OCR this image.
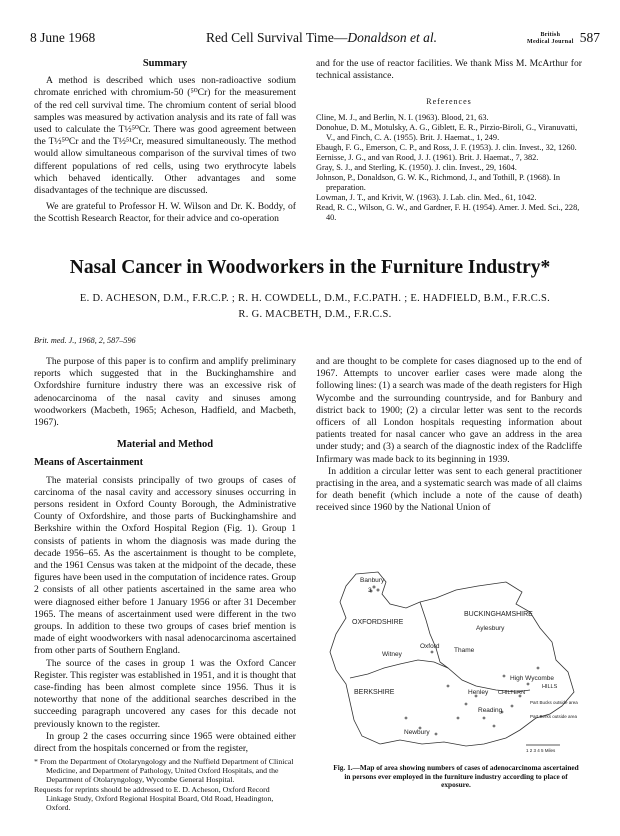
8 June 1968	Red Cell Survival Time—Donaldson et al.	British
Medical Journal 587
Summary

A method is described which uses non-radioactive sodium chromate enriched with chromium-50 (⁵⁰Cr) for the measurement of the red cell survival time. The chromium content of serial blood samples was measured by activation analysis and its rate of fall was used to calculate the T½⁵⁰Cr. There was good agreement between the T½⁵⁰Cr and the T½⁵¹Cr, measured simultaneously. The method would allow simultaneous comparison of the survival times of two different populations of red cells, using two erythrocyte labels which behaved identically. Other advantages and some disadvantages of the technique are discussed.

We are grateful to Professor H. W. Wilson and Dr. K. Boddy, of the Scottish Research Reactor, for their advice and co-operation

and for the use of reactor facilities. We thank Miss M. McArthur for technical assistance.

References
Cline, M. J., and Berlin, N. I. (1963). Blood, 21, 63.
Donohue, D. M., Motulsky, A. G., Giblett, E. R., Pirzio-Biroli, G., Viranuvatti, V., and Finch, C. A. (1955). Brit. J. Haemat., 1, 249.
Ebaugh, F. G., Emerson, C. P., and Ross, J. F. (1953). J. clin. Invest., 32, 1260.
Eernisse, J. G., and van Rood, J. J. (1961). Brit. J. Haemat., 7, 382.
Gray, S. J., and Sterling, K. (1950). J. clin. Invest., 29, 1604.
Johnson, P., Donaldson, G. W. K., Richmond, J., and Tothill, P. (1968). In preparation.
Lowman, J. T., and Krivit, W. (1963). J. Lab. clin. Med., 61, 1042.
Read, R. C., Wilson, G. W., and Gardner, F. H. (1954). Amer. J. Med. Sci., 228, 40.
Nasal Cancer in Woodworkers in the Furniture Industry*
E. D. ACHESON, D.M., F.R.C.P. ; R. H. COWDELL, D.M., F.C.PATH. ; E. HADFIELD, B.M., F.R.C.S.
R. G. MACBETH, D.M., F.R.C.S.
Brit. med. J., 1968, 2, 587–596

The purpose of this paper is to confirm and amplify preliminary reports which suggested that in the Buckinghamshire and Oxfordshire furniture industry there was an excessive risk of adenocarcinoma of the nasal cavity and sinuses among woodworkers (Macbeth, 1965; Acheson, Hadfield, and Macbeth, 1967).

Material and Method
Means of Ascertainment

The material consists principally of two groups of cases of carcinoma of the nasal cavity and accessory sinuses occurring in persons resident in Oxford County Borough, the Administrative County of Oxfordshire, and those parts of Buckinghamshire and Berkshire within the Oxford Hospital Region (Fig. 1). Group 1 consists of patients in whom the diagnosis was made during the decade 1956–65. As the ascertainment is thought to be complete, and the 1961 Census was taken at the midpoint of the decade, these figures have been used in the computation of incidence rates. Group 2 consists of all other patients ascertained in the same area who were diagnosed either before 1 January 1956 or after 31 December 1965. The means of ascertainment used were different in the two groups. In addition to these two groups of cases brief mention is made of eight woodworkers with nasal adenocarcinoma ascertained from other parts of Southern England.

The source of the cases in group 1 was the Oxford Cancer Register. This register was established in 1951, and it is thought that case-finding has been almost complete since 1956. Thus it is noteworthy that none of the additional searches described in the succeeding paragraph uncovered any cases for this decade not previously known to the register.

In group 2 the cases occurring since 1965 were obtained either direct from the hospitals concerned or from the register,

* From the Department of Otolaryngology and the Nuffield Department of Clinical Medicine, and Department of Pathology, United Oxford Hospitals, and the Department of Otolaryngology, Wycombe General Hospital.
Requests for reprints should be addressed to E. D. Acheson, Oxford Record Linkage Study, Oxford Regional Hospital Board, Old Road, Headington, Oxford.

and are thought to be complete for cases diagnosed up to the end of 1967. Attempts to uncover earlier cases were made along the following lines: (1) a search was made of the death registers for High Wycombe and the surrounding countryside, and for Banbury and district back to 1900; (2) a circular letter was sent to the records officers of all London hospitals requesting information about patients treated for nasal cancer who gave an address in the area under study; and (3) a search of the diagnostic index of the Radcliffe Infirmary was made back to its beginning in 1939.

In addition a circular letter was sent to each general practitioner practising in the area, and a systematic search was made of all claims for death benefit (which include a note of the cause of death) received since 1960 by the National Union of

Banbury
3
OXFORDSHIRE
BUCKINGHAMSHIRE
Aylesbury
Oxford
Witney
Thame
High Wycombe
BERKSHIRE	Henley CHILTERN
HILLS
Reading
Newbury
Part Bucks outside area
Part Berks outside area
1 2 3 4 5 Miles
Fig. 1.—Map of area showing numbers of cases of adenocarcinoma ascertained in persons ever employed in the furniture industry according to place of exposure.
